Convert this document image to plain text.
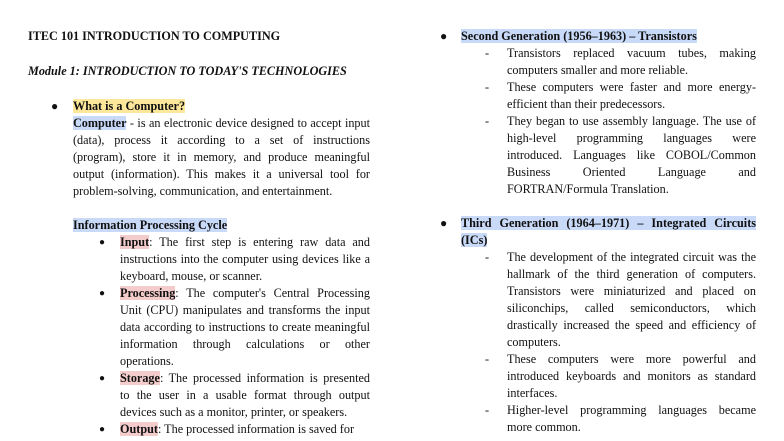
ITEC 101 INTRODUCTION TO COMPUTING

Module 1: INTRODUCTION TO TODAY'S TECHNOLOGIES

● What is a Computer?
Computer - is an electronic device designed to accept input (data), process it according to a set of instructions (program), store it in memory, and produce meaningful output (information). This makes it a universal tool for problem-solving, communication, and entertainment.
Information Processing Cycle
● Input: The first step is entering raw data and instructions into the computer using devices like a keyboard, mouse, or scanner.
● Processing: The computer's Central Processing Unit (CPU) manipulates and transforms the input data according to instructions to create meaningful information through calculations or other operations.
● Storage: The processed information is presented to the user in a usable format through output devices such as a monitor, printer, or speakers.
● Output: The processed information is saved for
● Second Generation (1956–1963) – Transistors
- Transistors replaced vacuum tubes, making computers smaller and more reliable.
- These computers were faster and more energy-efficient than their predecessors.
- They began to use assembly language. The use of high-level programming languages were introduced. Languages like COBOL/Common Business Oriented Language and FORTRAN/Formula Translation.
● Third Generation (1964–1971) – Integrated Circuits (ICs)
- The development of the integrated circuit was the hallmark of the third generation of computers. Transistors were miniaturized and placed on siliconchips, called semiconductors, which drastically increased the speed and efficiency of computers.
- These computers were more powerful and introduced keyboards and monitors as standard interfaces.
- Higher-level programming languages became more common.
